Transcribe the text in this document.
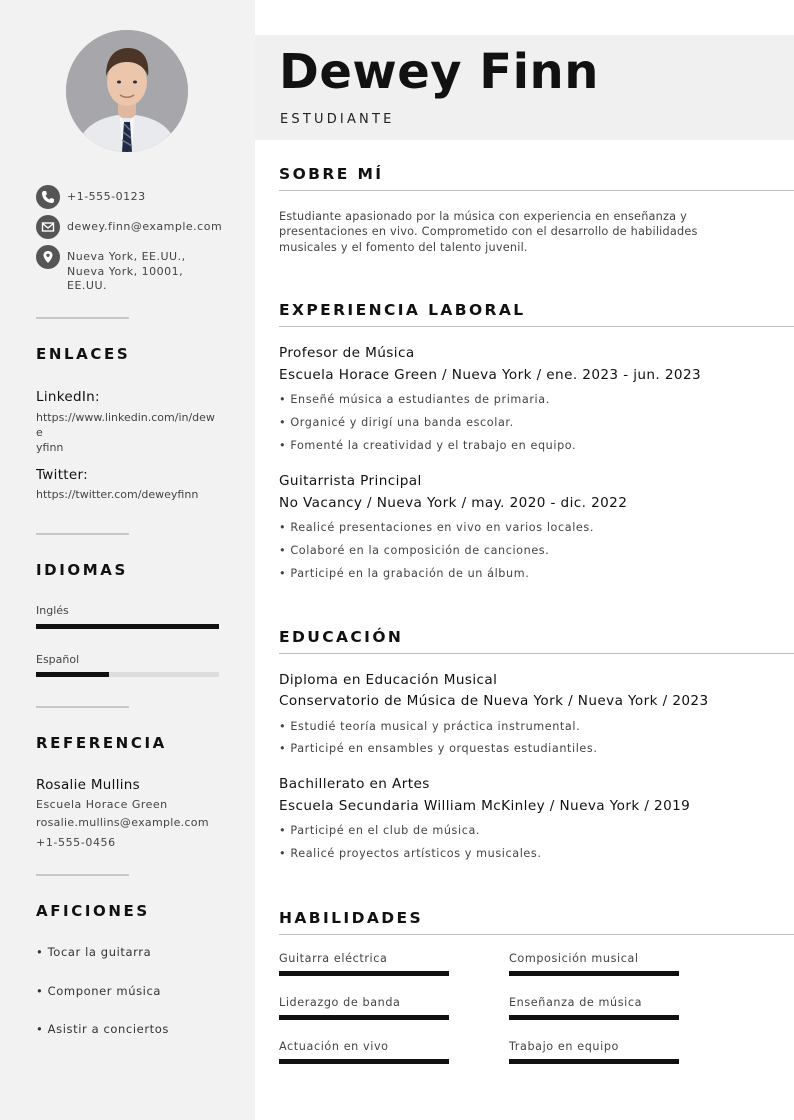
+1-555-0123
dewey.finn@example.com
Nueva York, EE.UU.,
Nueva York, 10001,
EE.UU.
ENLACES
LinkedIn:
https://www.linkedin.com/in/dewe
yfinn
Twitter:
https://twitter.com/deweyfinn
IDIOMAS
Inglés
Español
REFERENCIA
Rosalie Mullins
Escuela Horace Green
rosalie.mullins@example.com
+1-555-0456
AFICIONES
• Tocar la guitarra
• Componer música
• Asistir a conciertos
Dewey Finn
ESTUDIANTE
SOBRE MÍ
Estudiante apasionado por la música con experiencia en enseñanza y
presentaciones en vivo. Comprometido con el desarrollo de habilidades
musicales y el fomento del talento juvenil.
EXPERIENCIA LABORAL
Profesor de Música
Escuela Horace Green / Nueva York / ene. 2023 - jun. 2023
• Enseñé música a estudiantes de primaria.
• Organicé y dirigí una banda escolar.
• Fomenté la creatividad y el trabajo en equipo.
Guitarrista Principal
No Vacancy / Nueva York / may. 2020 - dic. 2022
• Realicé presentaciones en vivo en varios locales.
• Colaboré en la composición de canciones.
• Participé en la grabación de un álbum.
EDUCACIÓN
Diploma en Educación Musical
Conservatorio de Música de Nueva York / Nueva York / 2023
• Estudié teoría musical y práctica instrumental.
• Participé en ensambles y orquestas estudiantiles.
Bachillerato en Artes
Escuela Secundaria William McKinley / Nueva York / 2019
• Participé en el club de música.
• Realicé proyectos artísticos y musicales.
HABILIDADES
Guitarra eléctrica	Composición musical
Liderazgo de banda	Enseñanza de música
Actuación en vivo	Trabajo en equipo
